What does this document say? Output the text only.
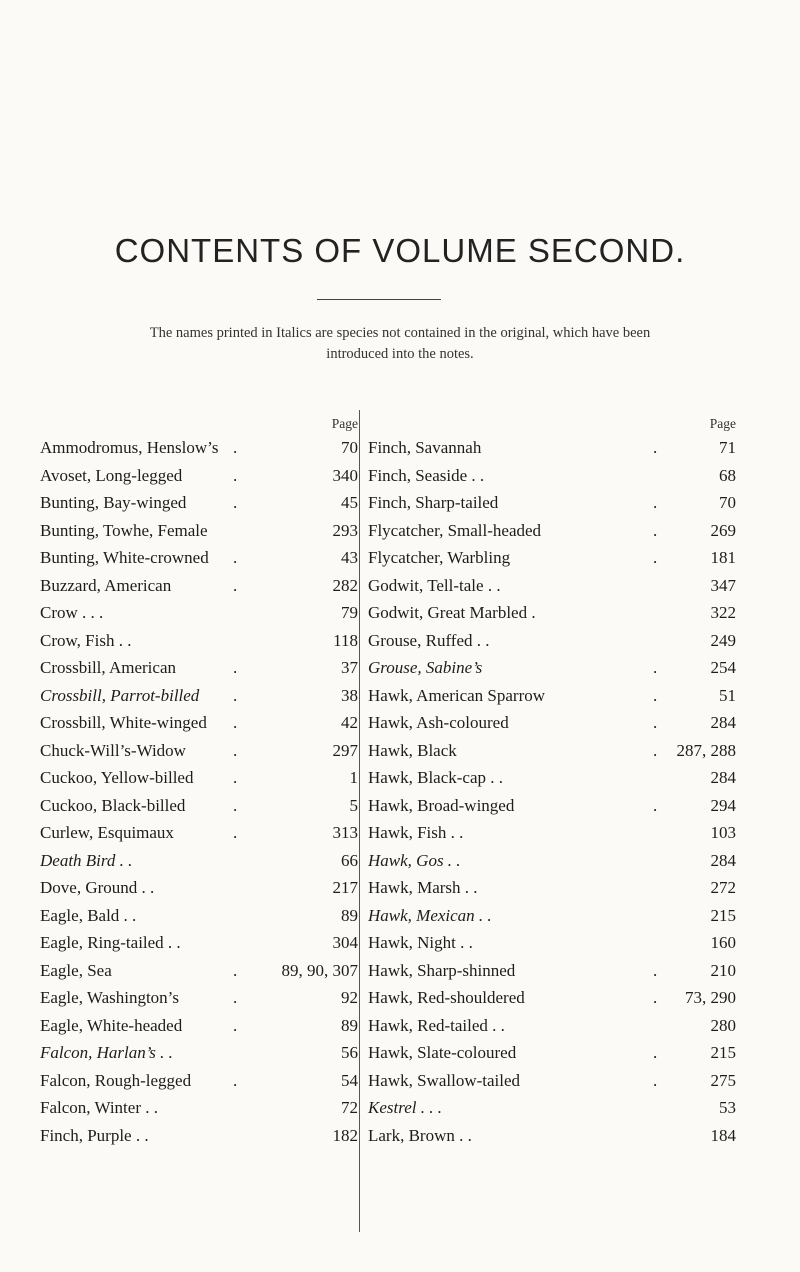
CONTENTS OF VOLUME SECOND.
The names printed in Italics are species not contained in the original, which have been
introduced into the notes.
Page
Ammodromus, Henslow’s .	70
Avoset, Long-legged	.	340
Bunting, Bay-winged	.	45
Bunting, Towhe, Female	293
Bunting, White-crowned .	43
Buzzard, American	.	282
Crow . . .	79
Crow, Fish . .	118
Crossbill, American	.	37
Crossbill, Parrot-billed .	38
Crossbill, White-winged .	42
Chuck-Will’s-Widow	.	297
Cuckoo, Yellow-billed .	1
Cuckoo, Black-billed	.	5
Curlew, Esquimaux	.	313
Death Bird . .	66
Dove, Ground . .	217
Eagle, Bald . .	89
Eagle, Ring-tailed . .	304
Eagle, Sea	.	89, 90, 307
Eagle, Washington’s	.	92
Eagle, White-headed	.	89
Falcon, Harlan’s . .	56
Falcon, Rough-legged .	54
Falcon, Winter . .	72
Finch, Purple . .	182
Page
Finch, Savannah	.	71
Finch, Seaside . .	68
Finch, Sharp-tailed	.	70
Flycatcher, Small-headed	.	269
Flycatcher, Warbling	.	181
Godwit, Tell-tale . .	347
Godwit, Great Marbled .	322
Grouse, Ruffed . .	249
Grouse, Sabine’s	.	254
Hawk, American Sparrow	.	51
Hawk, Ash-coloured	.	284
Hawk, Black	. 287, 288
Hawk, Black-cap . .	284
Hawk, Broad-winged	.	294
Hawk, Fish . .	103
Hawk, Gos . .	284
Hawk, Marsh . .	272
Hawk, Mexican . .	215
Hawk, Night . .	160
Hawk, Sharp-shinned	.	210
Hawk, Red-shouldered	. 73, 290
Hawk, Red-tailed . .	280
Hawk, Slate-coloured	.	215
Hawk, Swallow-tailed	.	275
Kestrel . . .	53
Lark, Brown . .	184
